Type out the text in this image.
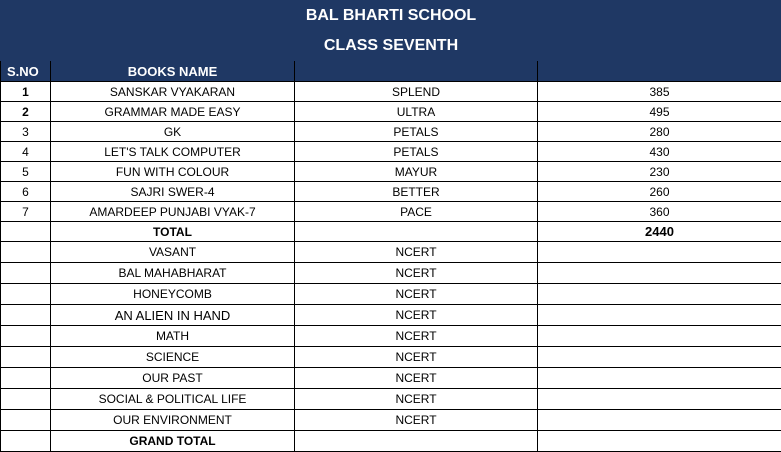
BAL BHARTI SCHOOL			
CLASS SEVENTH			
S.NO	BOOKS NAME		
1	SANSKAR VYAKARAN	SPLEND	385
2	GRAMMAR MADE EASY	ULTRA	495
3	GK	PETALS	280
4	LET'S TALK COMPUTER	PETALS	430
5	FUN WITH COLOUR	MAYUR	230
6	SAJRI SWER-4	BETTER	260
7	AMARDEEP PUNJABI VYAK-7	PACE	360
	TOTAL		2440
	VASANT	NCERT	
	BAL MAHABHARAT	NCERT	
	HONEYCOMB	NCERT	
	AN ALIEN IN HAND	NCERT	
	MATH	NCERT	
	SCIENCE	NCERT	
	OUR PAST	NCERT	
	SOCIAL & POLITICAL LIFE	NCERT	
	OUR ENVIRONMENT	NCERT	
	GRAND TOTAL		
